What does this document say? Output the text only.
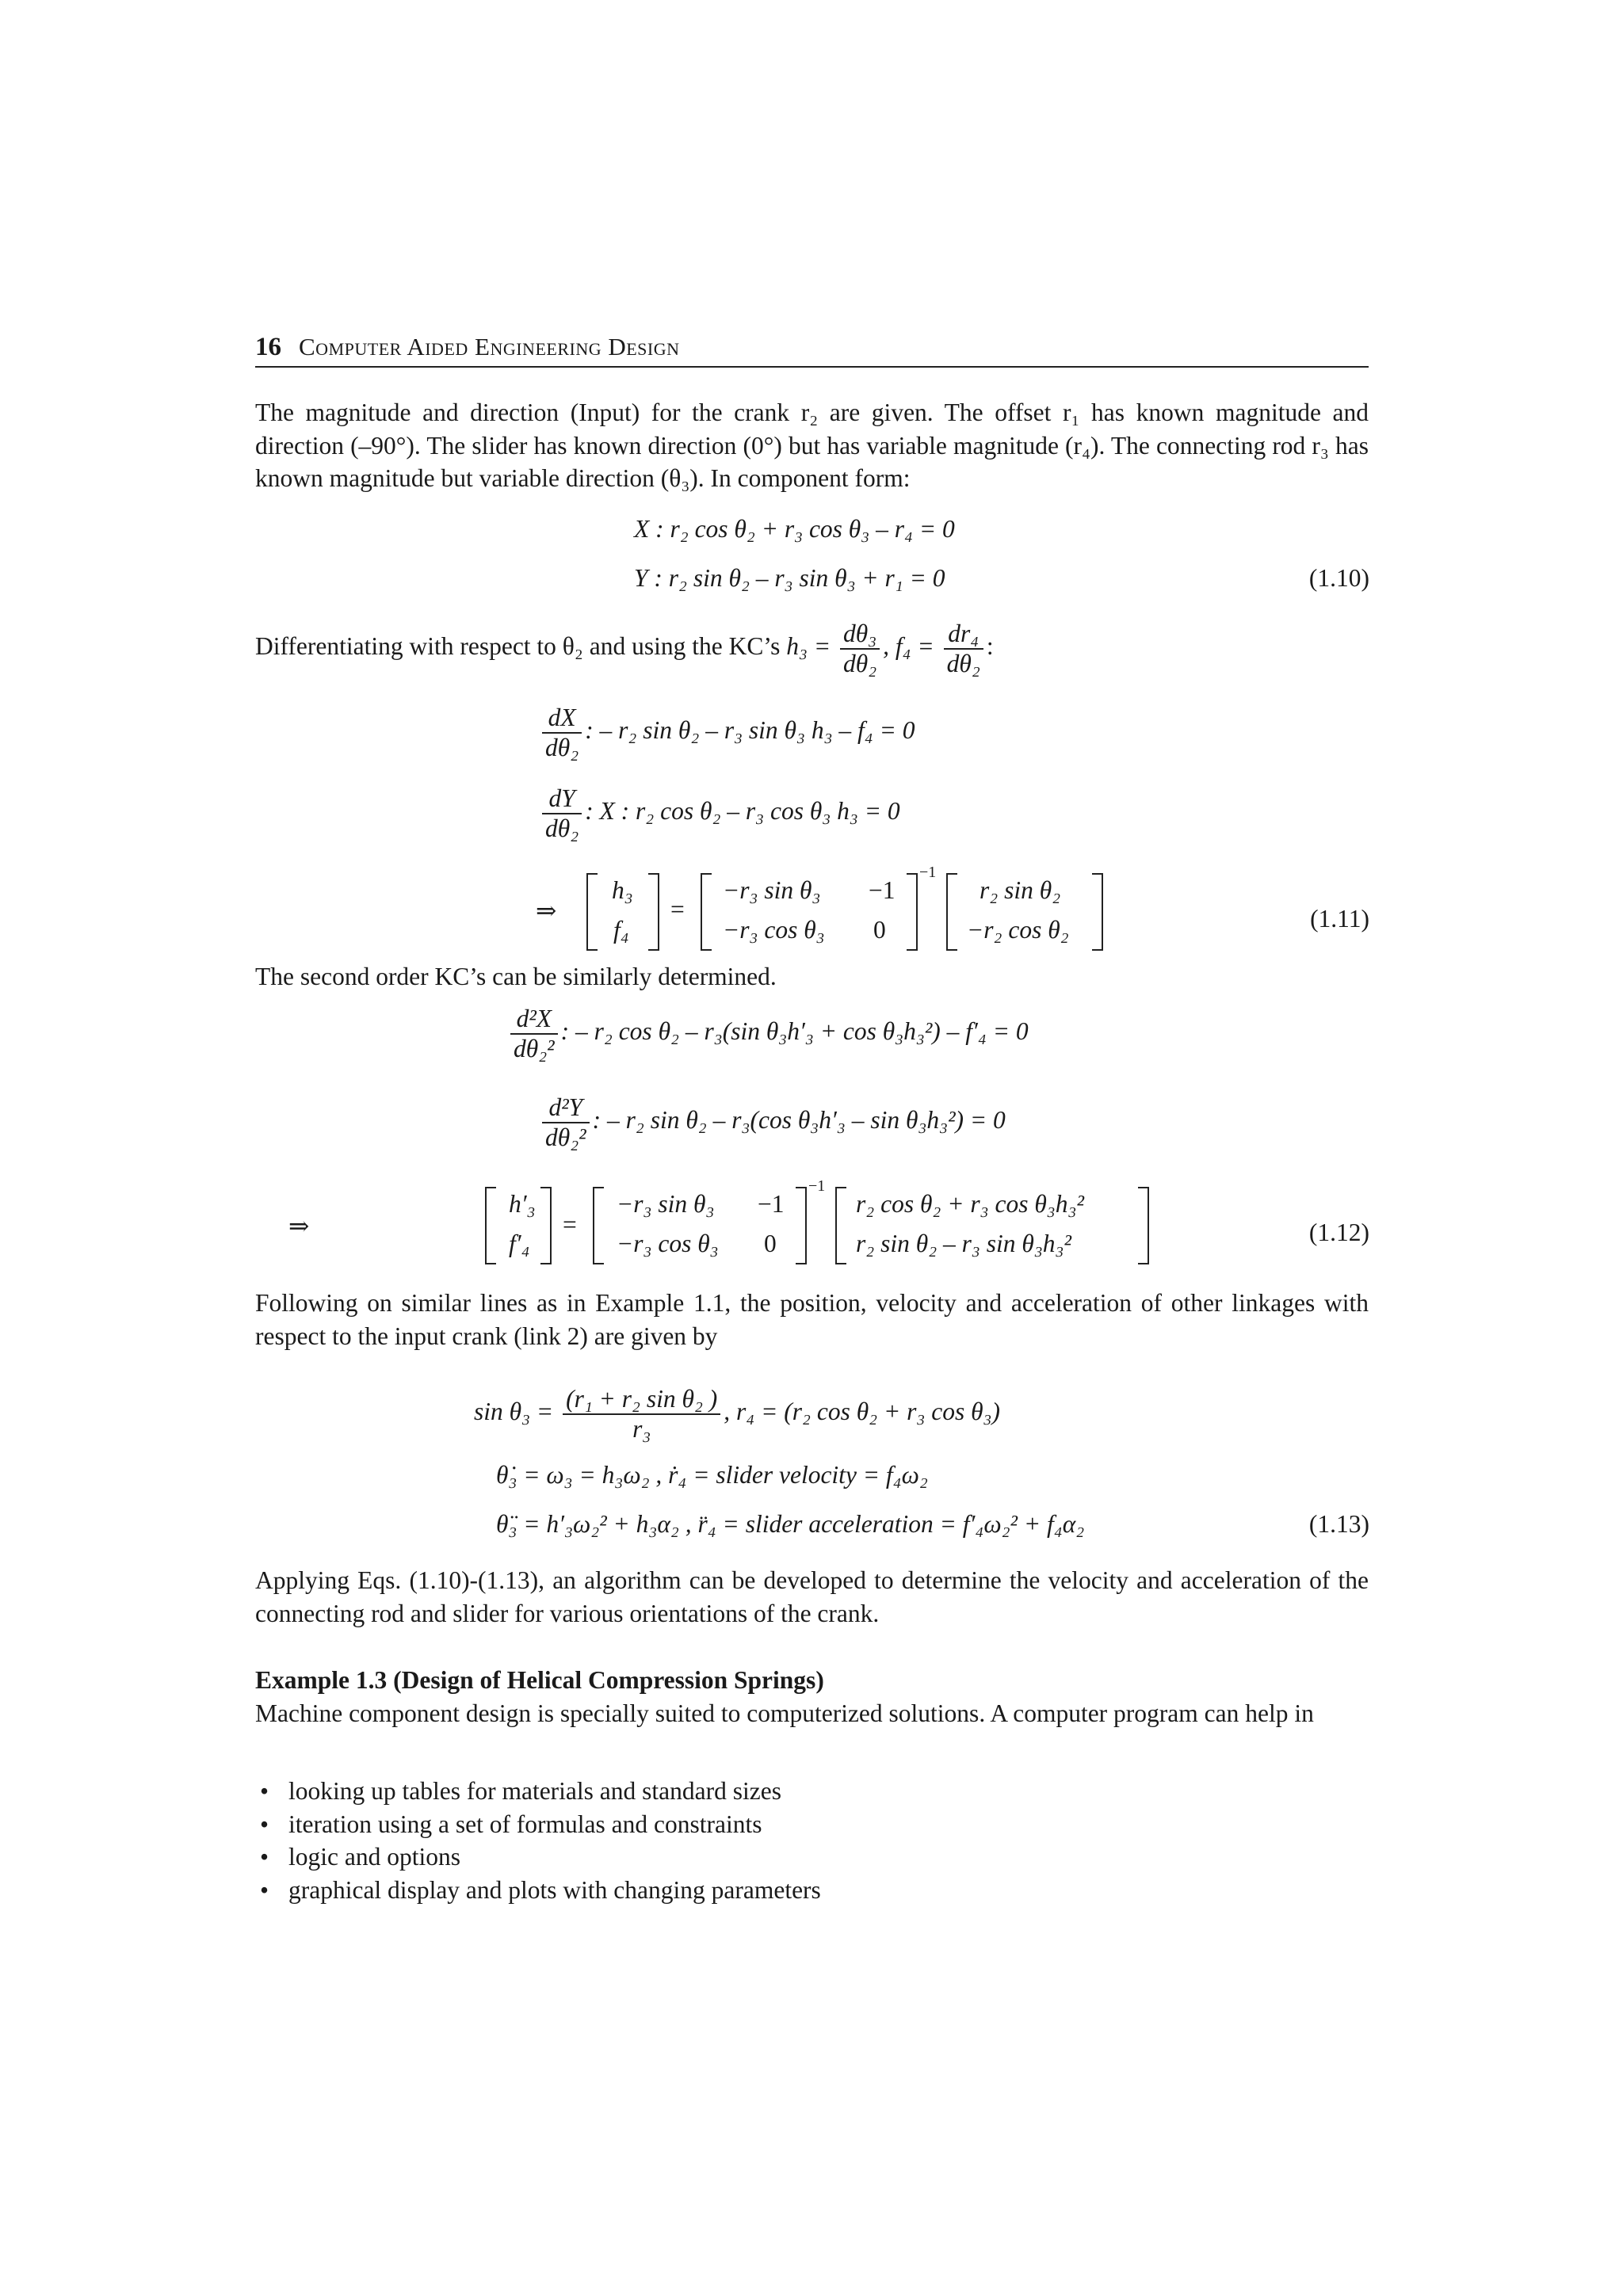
16 Computer Aided Engineering Design
The magnitude and direction (Input) for the crank r₂ are given. The offset r₁ has known magnitude and direction (–90°). The slider has known direction (0°) but has variable magnitude (r₄). The connecting rod r₃ has known magnitude but variable direction (θ₃). In component form:
X : r₂ cos θ₂ + r₃ cos θ₃ – r₄ = 0
Y : r₂ sin θ₂ – r₃ sin θ₃ + r₁ = 0	(1.10)
Differentiating with respect to θ₂ and using the KC’s $h_3 = \frac{\text{dθ₃}}{\text{dθ₂}}$ , $f_4 = \frac{\text{dr₄}}{\text{dθ₂}}$ :
$\frac{dX}{\text{dθ₂}}$ : – r₂ sin θ₂ – r₃ sin θ₃ h₃ – f₄ = 0
$\frac{dY}{\text{dθ₂}}$ : X : r₂ cos θ₂ – r₃ cos θ₃ h₃ = 0
⇒
h₃
f₄
=
−r₃ sin θ₃ −1
−r₃ cos θ₃ 0
−1
r₂ sin θ₂
−r₂ cos θ₂	(1.11)
The second order KC’s can be similarly determined.
$\frac{\text{d²X}}{\text{dθ₂²}}$ : – r₂ cos θ₂ – r₃(sin θ₃h′₃ + cos θ₃h₃²) – f′₄ = 0
$\frac{\text{d²Y}}{\text{dθ₂²}}$ : – r₂ sin θ₂ – r₃(cos θ₃h′₃ – sin θ₃h₃²) = 0
⇒
h′₃
f′₄
=
−r₃ sin θ₃ −1
−r₃ cos θ₃ 0
−1
r₂ cos θ₂ + r₃ cos θ₃h₃²
r₂ sin θ₂ – r₃ sin θ₃h₃²	(1.12)
Following on similar lines as in Example 1.1, the position, velocity and acceleration of other linkages with respect to the input crank (link 2) are given by
$\sin \theta_3 = \frac{\text{(r₁ + r₂ sin θ₂ )}}{\text{r₃}}$ , r₄ = (r₂ cos θ₂ + r₃ cos θ₃)
θ̇₃ = ω₃ = h₃ω₂ , ṙ₄ = slider velocity = f₄ω₂
θ̈₃ = h′₃ω₂² + h₃α₂ , r̈₄ = slider acceleration = f′₄ω₂² + f₄α₂	(1.13)
Applying Eqs. (1.10)-(1.13), an algorithm can be developed to determine the velocity and acceleration of the connecting rod and slider for various orientations of the crank.
Example 1.3 (Design of Helical Compression Springs)
Machine component design is specially suited to computerized solutions. A computer program can help in
• looking up tables for materials and standard sizes
• iteration using a set of formulas and constraints
• logic and options
• graphical display and plots with changing parameters
